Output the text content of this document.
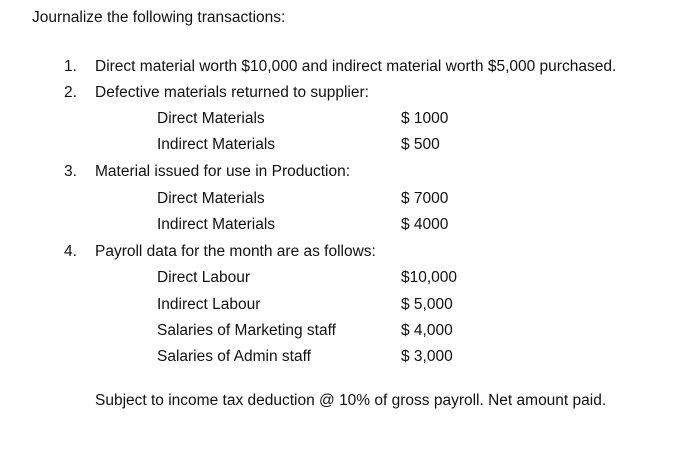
Journalize the following transactions:
1. Direct material worth $10,000 and indirect material worth $5,000 purchased.
2. Defective materials returned to supplier:
Direct Materials	$ 1000
Indirect Materials	$ 500
3. Material issued for use in Production:
Direct Materials	$ 7000
Indirect Materials	$ 4000
4. Payroll data for the month are as follows:
Direct Labour	$10,000
Indirect Labour	$ 5,000
Salaries of Marketing staff	$ 4,000
Salaries of Admin staff	$ 3,000
Subject to income tax deduction @ 10% of gross payroll. Net amount paid.
